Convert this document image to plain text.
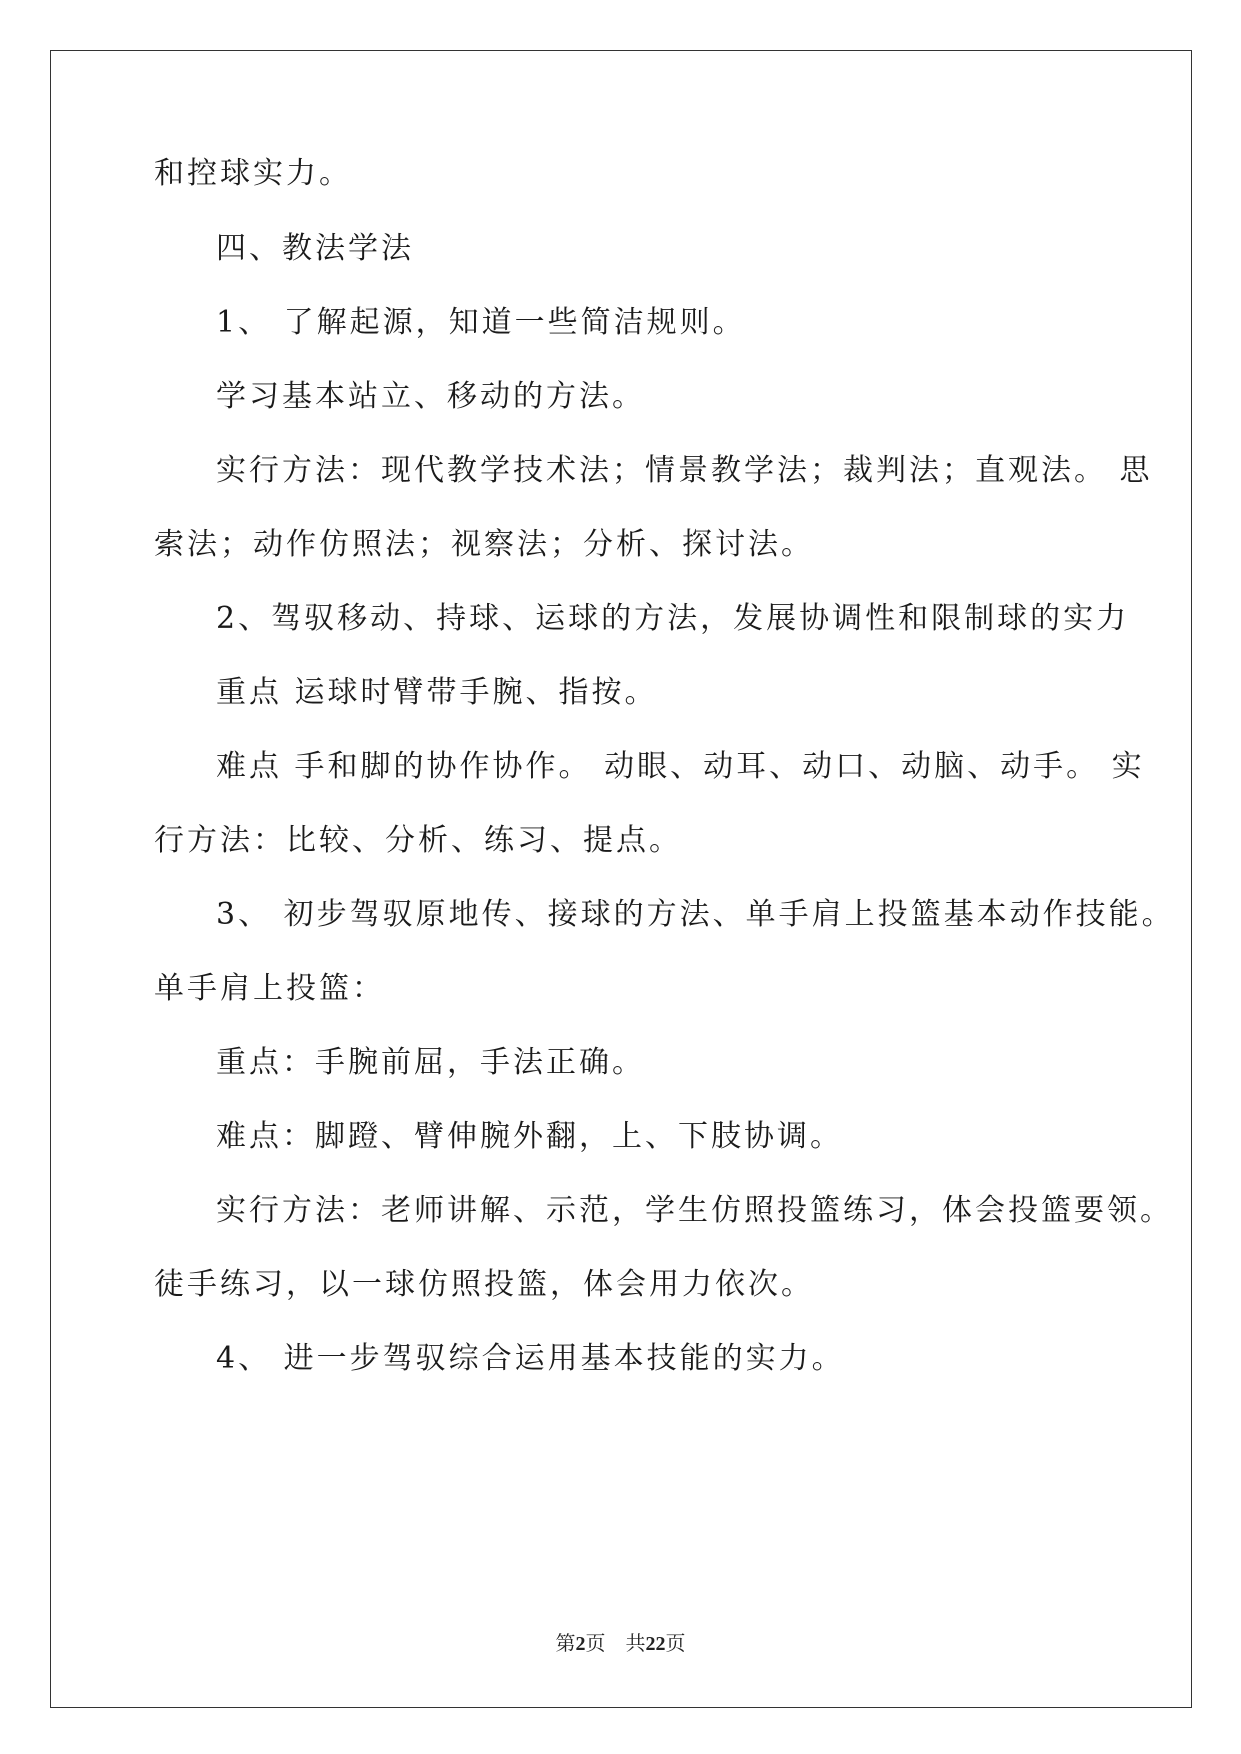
和控球实力。
四、教法学法
1、 了解起源，知道一些简洁规则。
学习基本站立、移动的方法。
实行方法：现代教学技术法；情景教学法；裁判法；直观法。 思
索法；动作仿照法；视察法；分析、探讨法。
2、驾驭移动、持球、运球的方法，发展协调性和限制球的实力
重点 运球时臂带手腕、指按。
难点 手和脚的协作协作。 动眼、动耳、动口、动脑、动手。 实
行方法：比较、分析、练习、提点。
3、 初步驾驭原地传、接球的方法、单手肩上投篮基本动作技能。
单手肩上投篮：
重点：手腕前屈，手法正确。
难点：脚蹬、臂伸腕外翻，上、下肢协调。
实行方法：老师讲解、示范，学生仿照投篮练习，体会投篮要领。
徒手练习，以一球仿照投篮，体会用力依次。
4、 进一步驾驭综合运用基本技能的实力。
第2页 共22页
